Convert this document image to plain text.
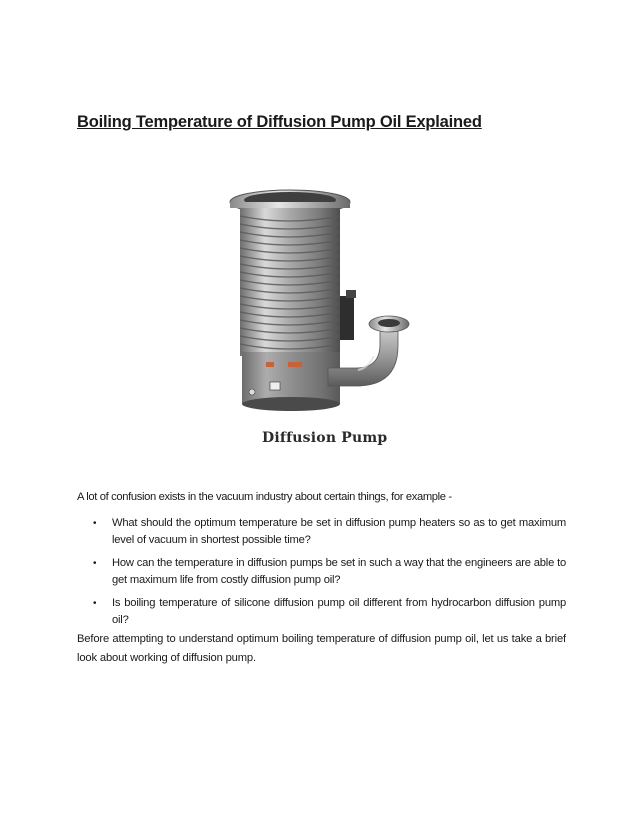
Boiling Temperature of Diffusion Pump Oil Explained
Diffusion Pump

A lot of confusion exists in the vacuum industry about certain things, for example -

• What should the optimum temperature be set in diffusion pump heaters so as to get maximum level of vacuum in shortest possible time?
• How can the temperature in diffusion pumps be set in such a way that the engineers are able to get maximum life from costly diffusion pump oil?
• Is boiling temperature of silicone diffusion pump oil different from hydrocarbon diffusion pump oil?

Before attempting to understand optimum boiling temperature of diffusion pump oil, let us take a brief look about working of diffusion pump.
